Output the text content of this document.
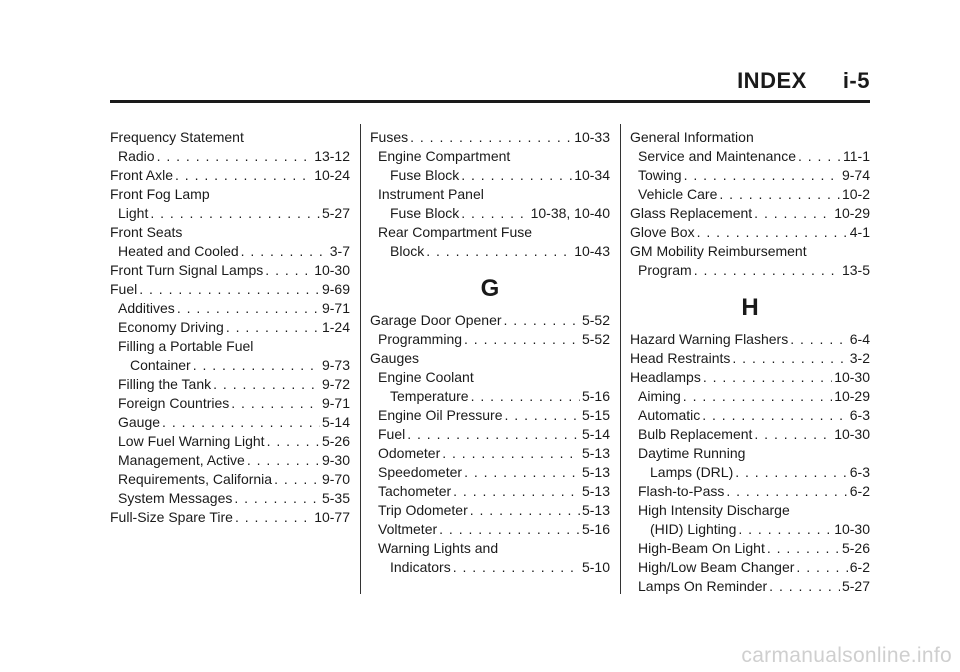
INDEX i-5
Frequency Statement
Radio . . .	13-12
Front Axle . . .	10-24
Front Fog Lamp
Light . . .	5-27
Front Seats
Heated and Cooled . . .	3-7
Front Turn Signal Lamps . . .	10-30
Fuel . . .	9-69
Additives . . .	9-71
Economy Driving . . .	1-24
Filling a Portable Fuel
Container . . .	9-73
Filling the Tank . . .	9-72
Foreign Countries . . .	9-71
Gauge . . .	5-14
Low Fuel Warning Light . . .	5-26
Management, Active . . .	9-30
Requirements, California . . .	9-70
System Messages . . .	5-35
Full-Size Spare Tire . . .	10-77
Fuses . . .	10-33
Engine Compartment
Fuse Block . . .	10-34
Instrument Panel
Fuse Block . . .	10-38, 10-40
Rear Compartment Fuse
Block . . .	10-43
G
Garage Door Opener . . .	5-52
Programming . . .	5-52
Gauges
Engine Coolant
Temperature . . .	5-16
Engine Oil Pressure . . .	5-15
Fuel . . .	5-14
Odometer . . .	5-13
Speedometer . . .	5-13
Tachometer . . .	5-13
Trip Odometer . . .	5-13
Voltmeter . . .	5-16
Warning Lights and
Indicators . . .	5-10
General Information
Service and Maintenance . . .	11-1
Towing . . .	9-74
Vehicle Care . . .	10-2
Glass Replacement . . .	10-29
Glove Box . . .	4-1
GM Mobility Reimbursement
Program . . .	13-5
H
Hazard Warning Flashers . . .	6-4
Head Restraints . . .	3-2
Headlamps . . .	10-30
Aiming . . .	10-29
Automatic . . .	6-3
Bulb Replacement . . .	10-30
Daytime Running
Lamps (DRL) . . .	6-3
Flash-to-Pass . . .	6-2
High Intensity Discharge
(HID) Lighting . . .	10-30
High-Beam On Light . . .	5-26
High/Low Beam Changer . . .	6-2
Lamps On Reminder . . .	5-27
carmanualsonline.info
